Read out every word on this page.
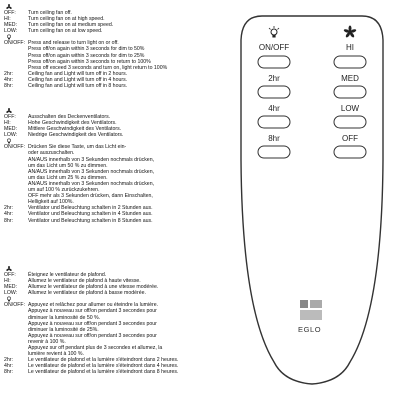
OFF:	Turn ceiling fan off.
HI:	Turn ceiling fan on at high speed.
MED:	Turn ceiling fan on at medium speed.
LOW:	Turn ceiling fan on at low speed.
ON/OFF: Press and release to turn light on or off.
Press off/on again within 3 seconds for dim to 50%
Press off/on again within 3 seconds for dim to 25%
Press off/on again within 3 seconds to return to 100%
Press off exceed 3 seconds and turn on, light return to 100%
2hr:	Ceiling fan and Light will turn off in 2 hours.
4hr:	Ceiling fan and Light will turn off in 4 hours.
8hr:	Ceiling fan and Light will turn off in 8 hours.
OFF:	Ausschalten des Deckenventilators.
HI:	Hohe Geschwindigkeit des Ventilators.
MED:	Mittlere Geschwindigkeit des Ventilators.
LOW:	Niedrige Geschwindigkeit des Ventilators.
ON/OFF: Drücken Sie diese Taste, um das Licht ein-
oder auszuschalten.
AN/AUS innerhalb von 3 Sekunden nochmals drücken,
um das Licht um 50 % zu dimmen.
AN/AUS innerhalb von 3 Sekunden nochmals drücken,
um das Licht um 25 % zu dimmen.
AN/AUS innerhalb von 3 Sekunden nochmals drücken,
um auf 100 % zurückzukehren.
OFF mehr als 3 Sekunden drücken, dann Einschalten,
Helligkeit auf 100%.
2hr:	Ventilator und Beleuchtung schalten in 2 Stunden aus.
4hr:	Ventilator und Beleuchtung schalten in 4 Stunden aus.
8hr:	Ventilator und Beleuchtung schalten in 8 Stunden aus.
OFF:	Éteignez le ventilateur de plafond.
HI:	Allumez le ventilateur de plafond à haute vitesse.
MED:	Allumez le ventilateur de plafond à une vitesse modérée.
LOW:	Allumez le ventilateur de plafond à basse modérée.
ON/OFF: Appuyez et relâchez pour allumer ou éteindre la lumière.
Appuyez à nouveau sur off/on pendant 3 secondes pour
diminuer la luminosité de 50 %.
Appuyez à nouveau sur off/on pendant 3 secondes pour
diminuer la luminosité de 25%.
Appuyez à nouveau sur off/on pendant 3 secondes pour
revenir à 100 %.
Appuyez sur off pendant plus de 3 secondes et allumez, la
lumière revient à 100 %.
2hr:	Le ventilateur de plafond et la lumière s'éteindront dans 2 heures.
4hr:	Le ventilateur de plafond et la lumière s'éteindront dans 4 heures.
8hr:	Le ventilateur de plafond et la lumière s'éteindront dans 8 heures.
ON/OFF	HI
2hr	MED
4hr	LOW
8hr	OFF
EGLO
